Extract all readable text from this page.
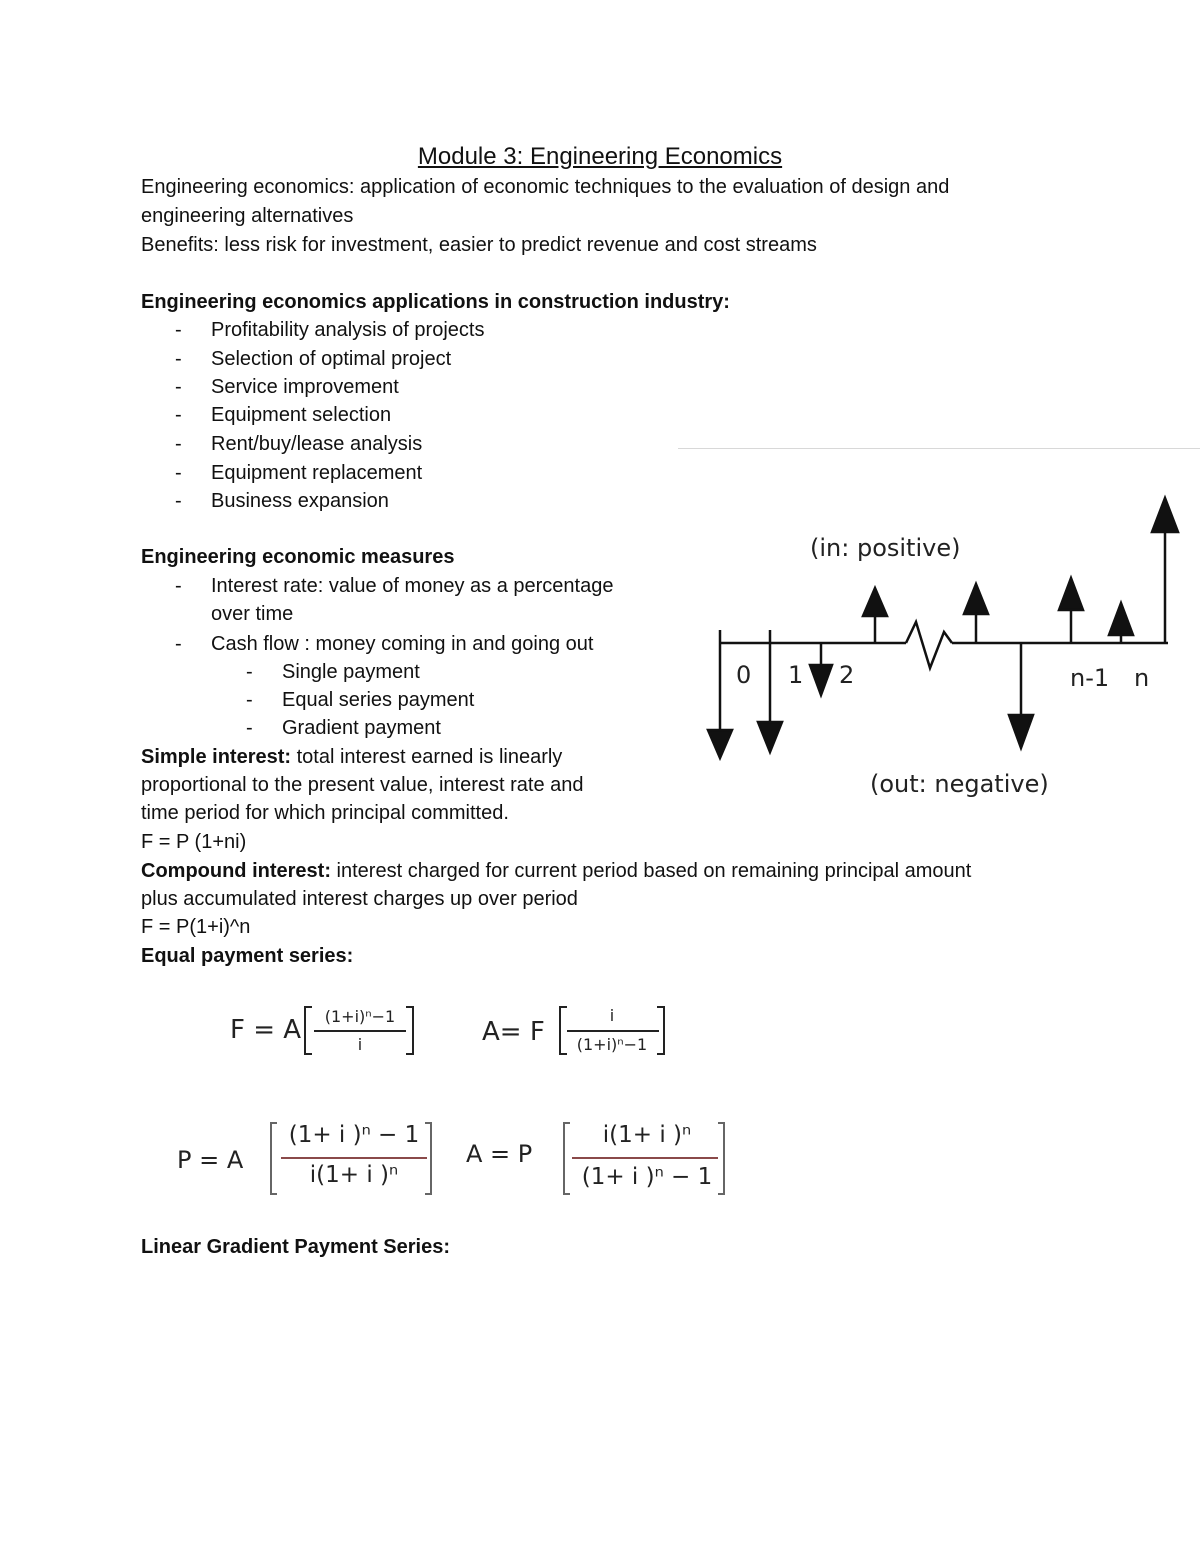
Module 3: Engineering Economics
Engineering economics: application of economic techniques to the evaluation of design and
engineering alternatives
Benefits: less risk for investment, easier to predict revenue and cost streams
Engineering economics applications in construction industry:
- Profitability analysis of projects
- Selection of optimal project
- Service improvement
- Equipment selection
- Rent/buy/lease analysis
- Equipment replacement
- Business expansion
Engineering economic measures
- Interest rate: value of money as a percentage
over time
- Cash flow : money coming in and going out
- Single payment
- Equal series payment
- Gradient payment
Simple interest: total interest earned is linearly
proportional to the present value, interest rate and
time period for which principal committed.
F = P (1+ni)
Compound interest: interest charged for current period based on remaining principal amount
plus accumulated interest charges up over period
F = P(1+i)^n
Equal payment series:
(in: positive)
(out: negative)
0 1 2	n-1 n
F = A	(1+i)ⁿ−1
i	A= F
i
(1+i)ⁿ−1
P = A
(1+ i )ⁿ − 1
i(1+ i )ⁿ
A = P
i(1+ i )ⁿ
(1+ i )ⁿ − 1
Linear Gradient Payment Series:
